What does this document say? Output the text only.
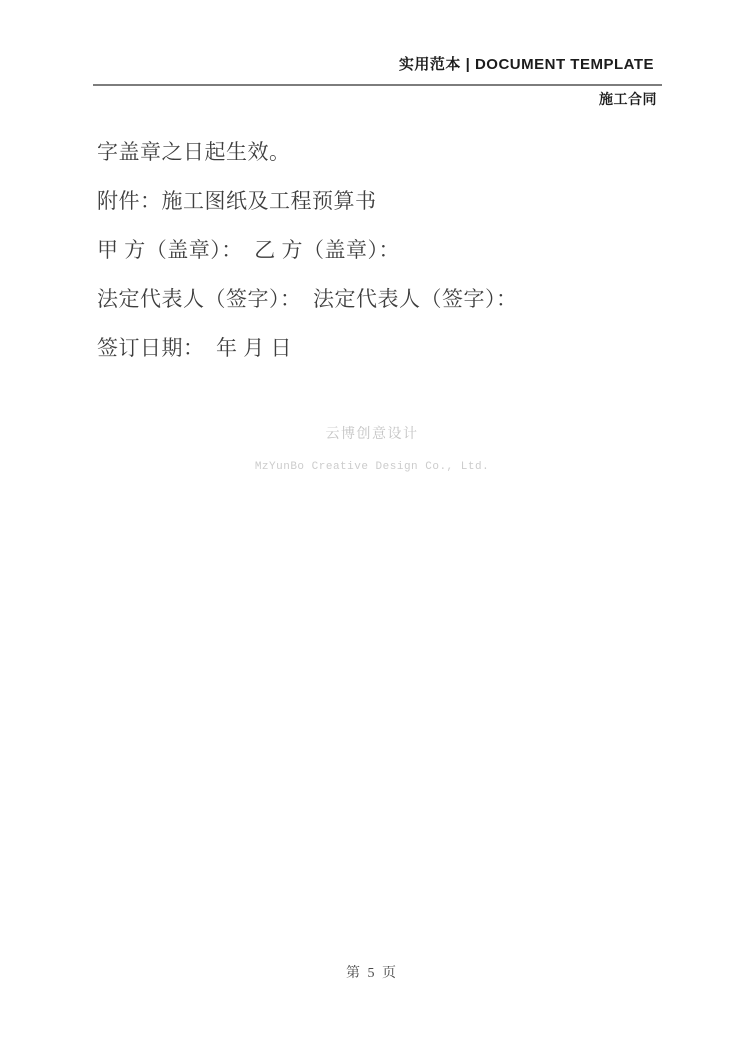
实用范本 | DOCUMENT TEMPLATE
施工合同

字盖章之日起生效。

附件：施工图纸及工程预算书

甲 方（盖章）：  乙 方（盖章）：

法定代表人（签字）：  法定代表人（签字）：

签订日期：  年 月 日

云博创意设计
MzYunBo Creative Design Co., Ltd.
第 5 页
